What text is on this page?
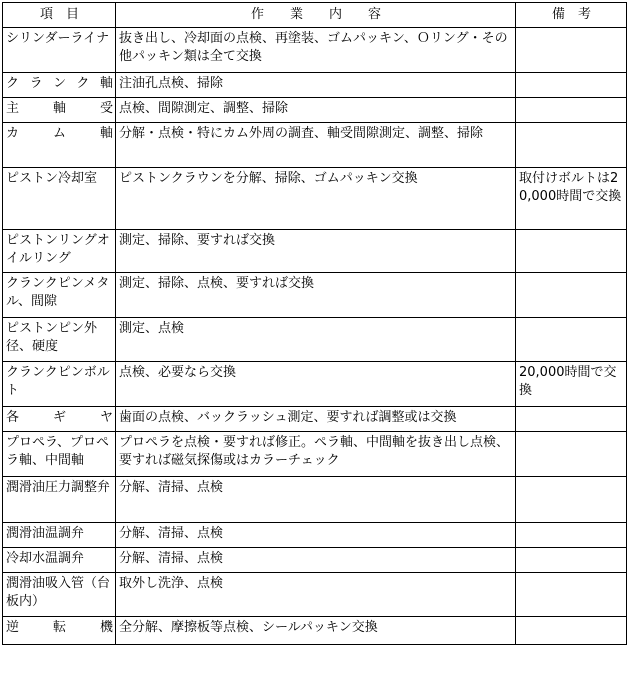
項　目	作　　業　　内　　容	備　考
シリンダーライナ	抜き出し、冷却面の点検、再塗装、ゴムパッキン、Ｏリング・その他パッキン類は全て交換	
クランク軸	注油孔点検、掃除	
主軸受	点検、間隙測定、調整、掃除	
カム軸	分解・点検・特にカム外周の調査、軸受間隙測定、調整、掃除	
ピストン冷却室	ピストンクラウンを分解、掃除、ゴムパッキン交換	取付けボルトは20,000時間で交換
ピストンリングオイルリング	測定、掃除、要すれば交換	
クランクピンメタル、間隙	測定、掃除、点検、要すれば交換	
ピストンピン外径、硬度	測定、点検	
クランクピンボルト	点検、必要なら交換	20,000時間で交換
各ギヤ	歯面の点検、バックラッシュ測定、要すれば調整或は交換	
プロペラ、プロペラ軸、中間軸	プロペラを点検・要すれば修正。ペラ軸、中間軸を抜き出し点検、要すれば磁気探傷或はカラーチェック	
潤滑油圧力調整弁	分解、清掃、点検	
潤滑油温調弁	分解、清掃、点検	
冷却水温調弁	分解、清掃、点検	
潤滑油吸入管（台板内）	取外し洗浄、点検	
逆転機	全分解、摩擦板等点検、シールパッキン交換	
